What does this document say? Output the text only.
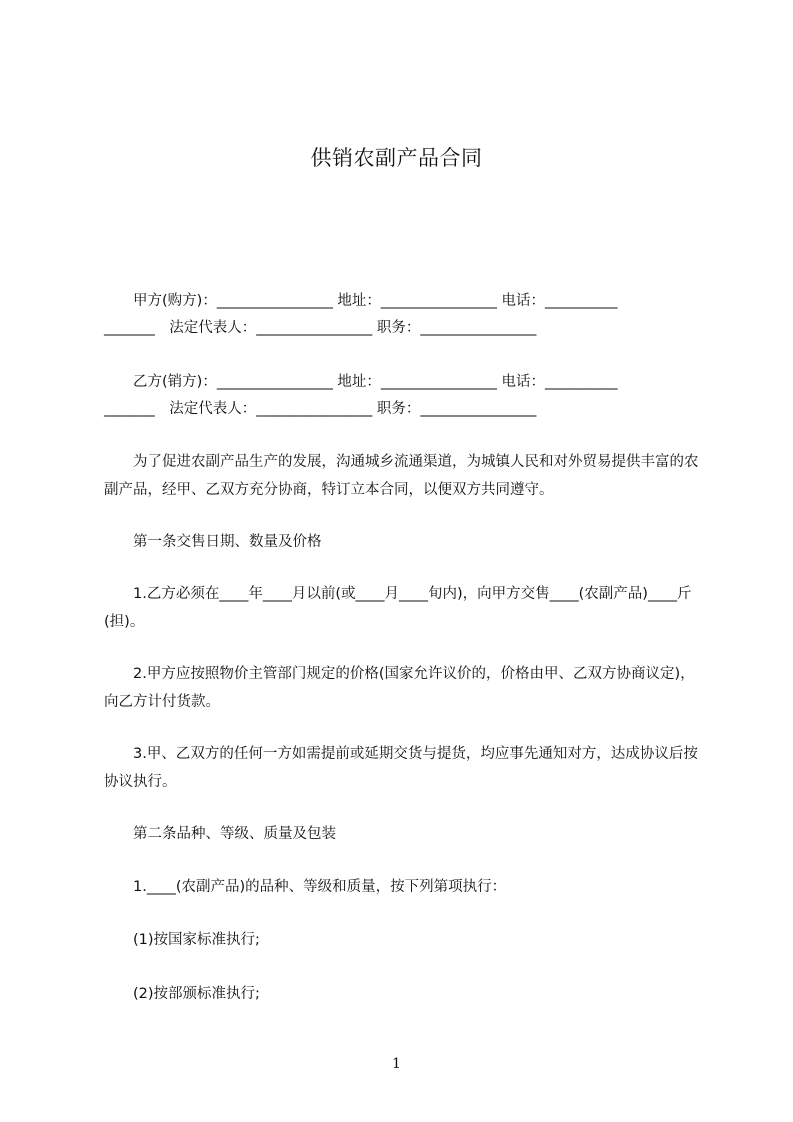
供销农副产品合同

　　甲方(购方)：________________ 地址：________________ 电话：__________

_______　法定代表人：________________ 职务：________________

　　乙方(销方)：________________ 地址：________________ 电话：__________

_______　法定代表人：________________ 职务：________________

　　为了促进农副产品生产的发展，沟通城乡流通渠道，为城镇人民和对外贸易提供丰富的农副产品，经甲、乙双方充分协商，特订立本合同，以便双方共同遵守。

　　第一条交售日期、数量及价格

　　1.乙方必须在____年____月以前(或____月____旬内)，向甲方交售____(农副产品)____斤(担)。

　　2.甲方应按照物价主管部门规定的价格(国家允许议价的，价格由甲、乙双方协商议定)，向乙方计付货款。

　　3.甲、乙双方的任何一方如需提前或延期交货与提货，均应事先通知对方，达成协议后按协议执行。

　　第二条品种、等级、质量及包装

　　1.____(农副产品)的品种、等级和质量，按下列第项执行：

　　(1)按国家标准执行;

　　(2)按部颁标准执行;

1
